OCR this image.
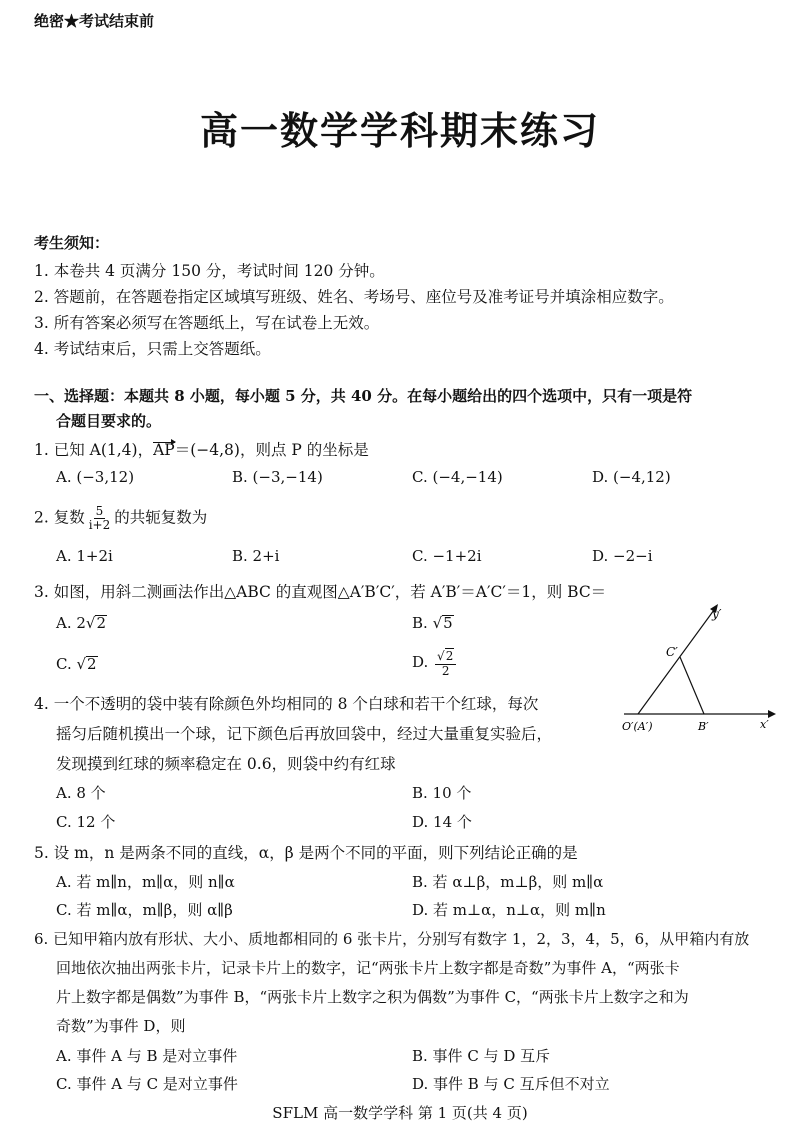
绝密★考试结束前
高一数学学科期末练习
考生须知：
1. 本卷共 4 页满分 150 分，考试时间 120 分钟。
2. 答题前，在答题卷指定区域填写班级、姓名、考场号、座位号及准考证号并填涂相应数字。
3. 所有答案必须写在答题纸上，写在试卷上无效。
4. 考试结束后，只需上交答题纸。
一、选择题：本题共 8 小题，每小题 5 分，共 40 分。在每小题给出的四个选项中，只有一项是符
合题目要求的。
1. 已知 A(1,4)，AP＝(−4,8)，则点 P 的坐标是
A. (−3,12)	B. (−3,−14)	C. (−4,−14)	D. (−4,12)
2. 复数 $\frac{5}{i+2}$ 的共轭复数为
A. 1+2i	B. 2+i	C. −1+2i	D. −2−i
3. 如图，用斜二测画法作出△ABC 的直观图△A′B′C′，若 A′B′＝A′C′＝1，则 BC＝
A. 2√2	B. √5
C. √2	D. $\frac{√2}{2}$
y′
C′
O′(A′)	B′	x′
4. 一个不透明的袋中装有除颜色外均相同的 8 个白球和若干个红球，每次
摇匀后随机摸出一个球，记下颜色后再放回袋中，经过大量重复实验后，
发现摸到红球的频率稳定在 0.6，则袋中约有红球
A. 8 个	B. 10 个
C. 12 个	D. 14 个
5. 设 m，n 是两条不同的直线，α，β 是两个不同的平面，则下列结论正确的是
A. 若 m∥n，m∥α，则 n∥α	B. 若 α⊥β，m⊥β，则 m∥α
C. 若 m∥α，m∥β，则 α∥β	D. 若 m⊥α，n⊥α，则 m∥n
6. 已知甲箱内放有形状、大小、质地都相同的 6 张卡片，分别写有数字 1，2，3，4，5，6，从甲箱内有放
回地依次抽出两张卡片，记录卡片上的数字，记“两张卡片上数字都是奇数”为事件 A，“两张卡
片上数字都是偶数”为事件 B，“两张卡片上数字之积为偶数”为事件 C，“两张卡片上数字之和为
奇数”为事件 D，则
A. 事件 A 与 B 是对立事件	B. 事件 C 与 D 互斥
C. 事件 A 与 C 是对立事件	D. 事件 B 与 C 互斥但不对立
SFLM 高一数学学科 第 1 页(共 4 页)
